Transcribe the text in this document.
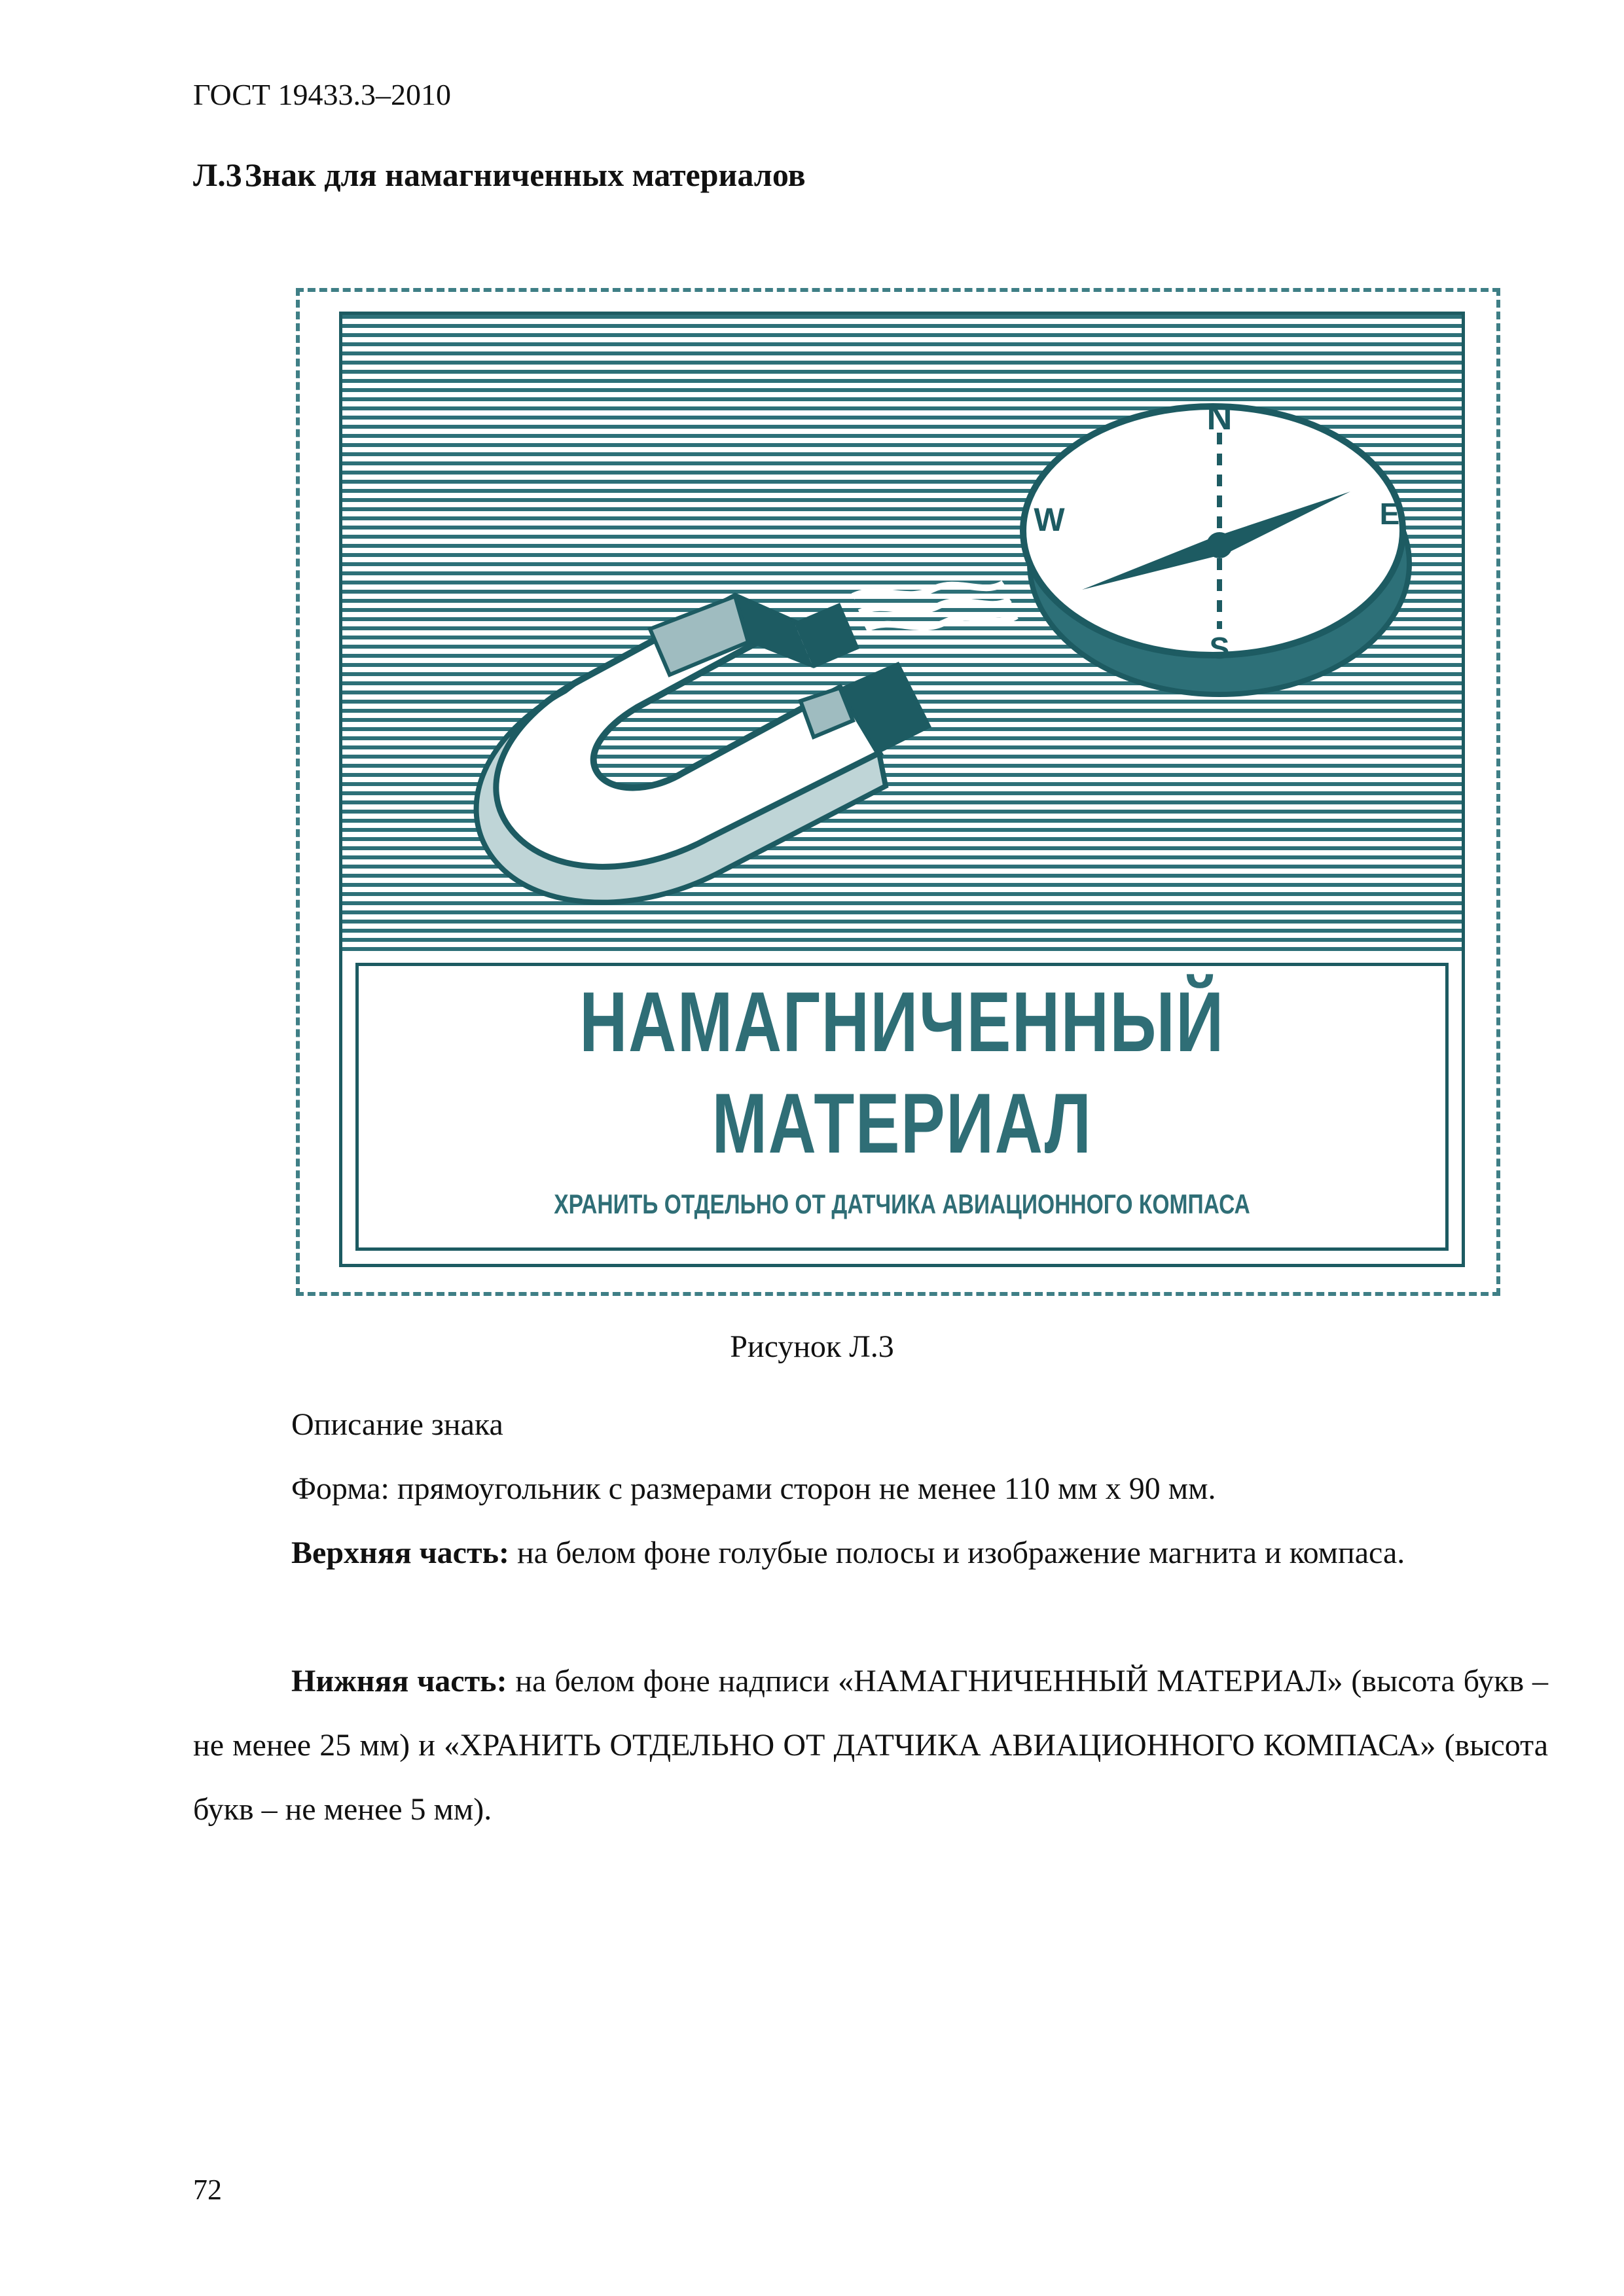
ГОСТ 19433.3–2010
Л.3Знак для намагниченных материалов
N
W	E
S
НАМАГНИЧЕННЫЙ
МАТЕРИАЛ
ХРАНИТЬ ОТДЕЛЬНО ОТ ДАТЧИКА АВИАЦИОННОГО КОМПАСА
Рисунок Л.3
Описание знака
Форма: прямоугольник с размерами сторон не менее 110 мм x 90 мм.
Верхняя часть: на белом фоне голубые полосы и изображение магнита и компаса.
Нижняя часть: на белом фоне надписи «НАМАГНИЧЕННЫЙ МАТЕРИАЛ» (высота букв – не менее 25 мм) и «ХРАНИТЬ ОТДЕЛЬНО ОТ ДАТЧИКА АВИАЦИОННОГО КОМПАСА» (высота букв – не менее 5 мм).
72
